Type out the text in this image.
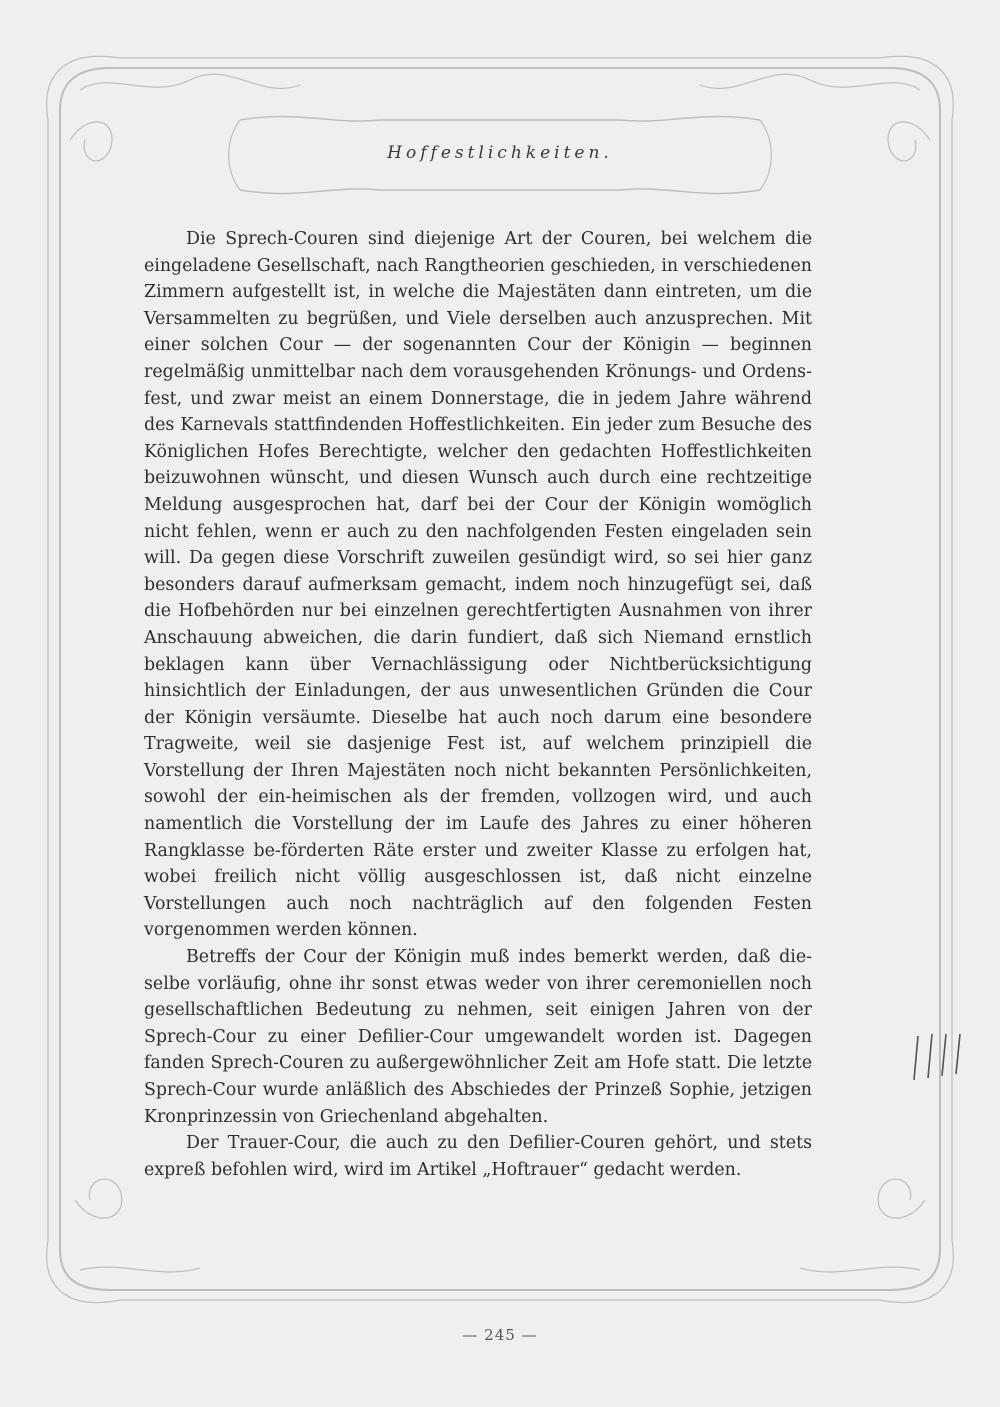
Hoffestlichkeiten.

Die Sprech-Couren sind diejenige Art der Couren, bei welchem die eingeladene Gesellschaft, nach Rangtheorien geschieden, in verschiedenen Zimmern aufgestellt ist, in welche die Majestäten dann eintreten, um die Versammelten zu begrüßen, und Viele derselben auch anzusprechen. Mit einer solchen Cour — der sogenannten Cour der Königin — beginnen regelmäßig unmittelbar nach dem vorausgehenden Krönungs- und Ordens-fest, und zwar meist an einem Donnerstage, die in jedem Jahre während des Karnevals stattfindenden Hoffestlichkeiten. Ein jeder zum Besuche des Königlichen Hofes Berechtigte, welcher den gedachten Hoffestlichkeiten beizuwohnen wünscht, und diesen Wunsch auch durch eine rechtzeitige Meldung ausgesprochen hat, darf bei der Cour der Königin womöglich nicht fehlen, wenn er auch zu den nachfolgenden Festen eingeladen sein will. Da gegen diese Vorschrift zuweilen gesündigt wird, so sei hier ganz besonders darauf aufmerksam gemacht, indem noch hinzugefügt sei, daß die Hofbehörden nur bei einzelnen gerechtfertigten Ausnahmen von ihrer Anschauung abweichen, die darin fundiert, daß sich Niemand ernstlich beklagen kann über Vernachlässigung oder Nichtberücksichtigung hinsichtlich der Einladungen, der aus unwesentlichen Gründen die Cour der Königin versäumte. Dieselbe hat auch noch darum eine besondere Tragweite, weil sie dasjenige Fest ist, auf welchem prinzipiell die Vorstellung der Ihren Majestäten noch nicht bekannten Persönlichkeiten, sowohl der ein-heimischen als der fremden, vollzogen wird, und auch namentlich die Vorstellung der im Laufe des Jahres zu einer höheren Rangklasse be-förderten Räte erster und zweiter Klasse zu erfolgen hat, wobei freilich nicht völlig ausgeschlossen ist, daß nicht einzelne Vorstellungen auch noch nachträglich auf den folgenden Festen vorgenommen werden können.

Betreffs der Cour der Königin muß indes bemerkt werden, daß die-selbe vorläufig, ohne ihr sonst etwas weder von ihrer ceremoniellen noch gesellschaftlichen Bedeutung zu nehmen, seit einigen Jahren von der Sprech-Cour zu einer Defilier-Cour umgewandelt worden ist. Dagegen fanden Sprech-Couren zu außergewöhnlicher Zeit am Hofe statt. Die letzte Sprech-Cour wurde anläßlich des Abschiedes der Prinzeß Sophie, jetzigen Kronprinzessin von Griechenland abgehalten.

Der Trauer-Cour, die auch zu den Defilier-Couren gehört, und stets expreß befohlen wird, wird im Artikel „Hoftrauer“ gedacht werden.

— 245 —
